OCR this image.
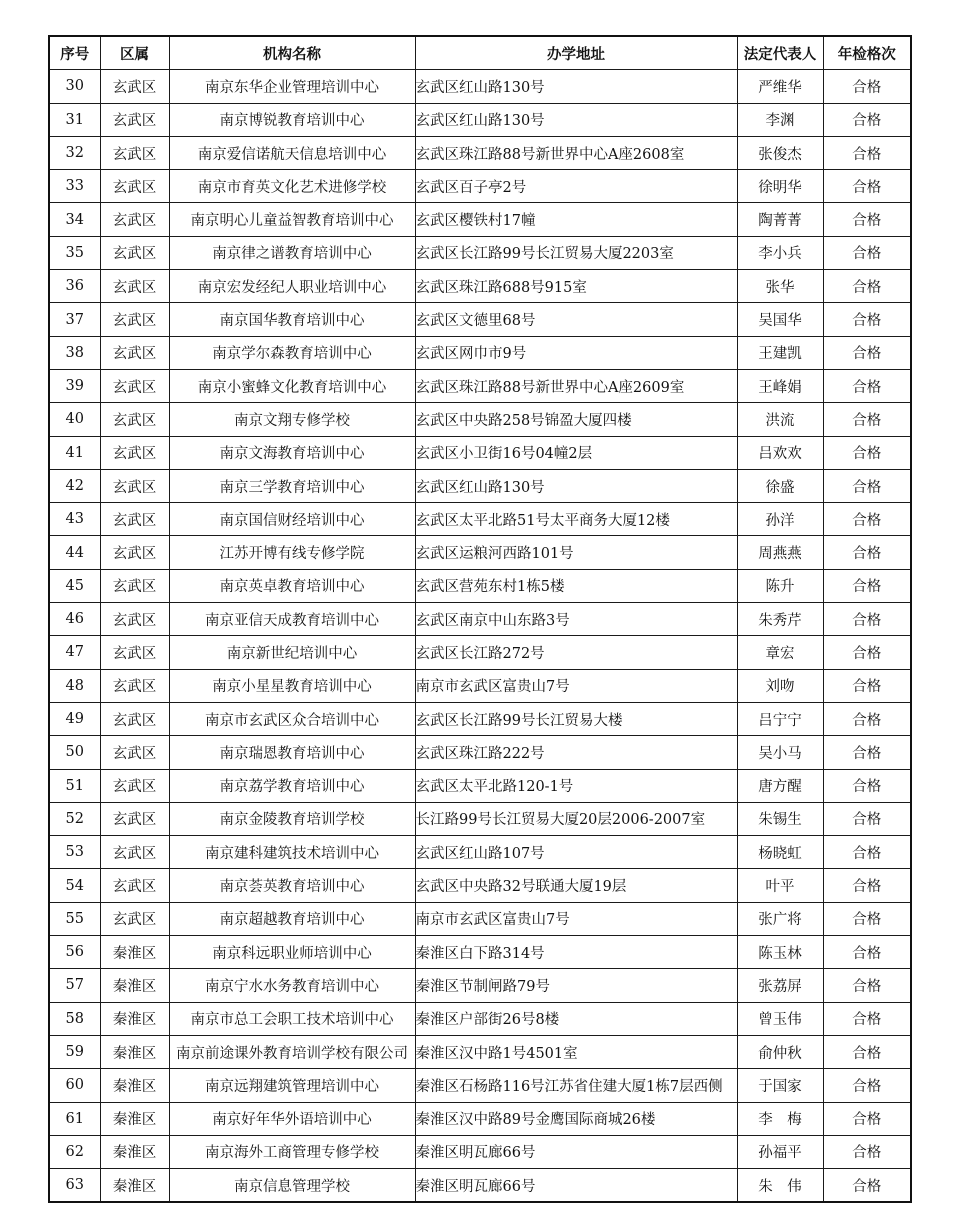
序号	区属	机构名称	办学地址	法定代表人	年检格次
30	玄武区	南京东华企业管理培训中心	玄武区红山路130号	严维华	合格
31	玄武区	南京博锐教育培训中心	玄武区红山路130号	李渊	合格
32	玄武区	南京爱信诺航天信息培训中心	玄武区珠江路88号新世界中心A座2608室	张俊杰	合格
33	玄武区	南京市育英文化艺术进修学校	玄武区百子亭2号	徐明华	合格
34	玄武区	南京明心儿童益智教育培训中心	玄武区樱铁村17幢	陶菁菁	合格
35	玄武区	南京律之谱教育培训中心	玄武区长江路99号长江贸易大厦2203室	李小兵	合格
36	玄武区	南京宏发经纪人职业培训中心	玄武区珠江路688号915室	张华	合格
37	玄武区	南京国华教育培训中心	玄武区文德里68号	吴国华	合格
38	玄武区	南京学尔森教育培训中心	玄武区网巾市9号	王建凯	合格
39	玄武区	南京小蜜蜂文化教育培训中心	玄武区珠江路88号新世界中心A座2609室	王峰娟	合格
40	玄武区	南京文翔专修学校	玄武区中央路258号锦盈大厦四楼	洪流	合格
41	玄武区	南京文海教育培训中心	玄武区小卫街16号04幢2层	吕欢欢	合格
42	玄武区	南京三学教育培训中心	玄武区红山路130号	徐盛	合格
43	玄武区	南京国信财经培训中心	玄武区太平北路51号太平商务大厦12楼	孙洋	合格
44	玄武区	江苏开博有线专修学院	玄武区运粮河西路101号	周燕燕	合格
45	玄武区	南京英卓教育培训中心	玄武区营苑东村1栋5楼	陈升	合格
46	玄武区	南京亚信天成教育培训中心	玄武区南京中山东路3号	朱秀芹	合格
47	玄武区	南京新世纪培训中心	玄武区长江路272号	章宏	合格
48	玄武区	南京小星星教育培训中心	南京市玄武区富贵山7号	刘吻	合格
49	玄武区	南京市玄武区众合培训中心	玄武区长江路99号长江贸易大楼	吕宁宁	合格
50	玄武区	南京瑞恩教育培训中心	玄武区珠江路222号	吴小马	合格
51	玄武区	南京荔学教育培训中心	玄武区太平北路120-1号	唐方醒	合格
52	玄武区	南京金陵教育培训学校	长江路99号长江贸易大厦20层2006-2007室	朱锡生	合格
53	玄武区	南京建科建筑技术培训中心	玄武区红山路107号	杨晓虹	合格
54	玄武区	南京荟英教育培训中心	玄武区中央路32号联通大厦19层	叶平	合格
55	玄武区	南京超越教育培训中心	南京市玄武区富贵山7号	张广将	合格
56	秦淮区	南京科远职业师培训中心	秦淮区白下路314号	陈玉林	合格
57	秦淮区	南京宁水水务教育培训中心	秦淮区节制闸路79号	张荔屏	合格
58	秦淮区	南京市总工会职工技术培训中心	秦淮区户部街26号8楼	曾玉伟	合格
59	秦淮区	南京前途课外教育培训学校有限公司	秦淮区汉中路1号4501室	俞仲秋	合格
60	秦淮区	南京远翔建筑管理培训中心	秦淮区石杨路116号江苏省住建大厦1栋7层西侧	于国家	合格
61	秦淮区	南京好年华外语培训中心	秦淮区汉中路89号金鹰国际商城26楼	李　梅	合格
62	秦淮区	南京海外工商管理专修学校	秦淮区明瓦廊66号	孙福平	合格
63	秦淮区	南京信息管理学校	秦淮区明瓦廊66号	朱　伟	合格
